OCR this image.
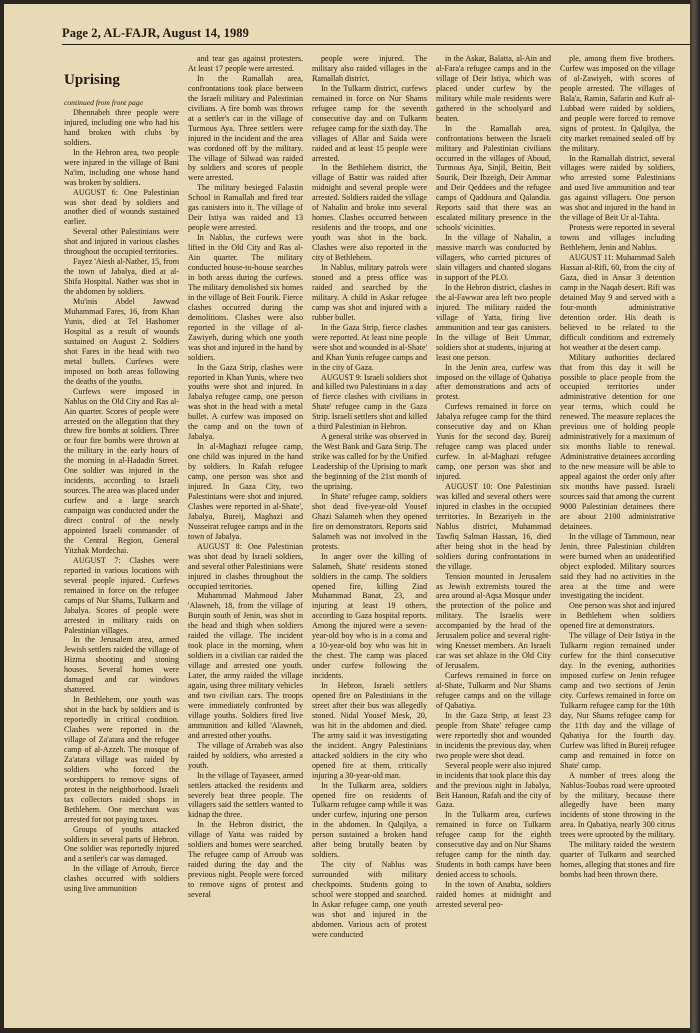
Page 2, AL-FAJR, August 14, 1989
Uprising

continued from front page

Dhennabeh three people were injured, including one who had his hand broken with clubs by soldiers.

In the Hebron area, two people were injured in the village of Bani Na'im, including one whose hand was broken by soldiers.

AUGUST 6: One Palestinian was shot dead by soldiers and another died of wounds sustained earlier.

Several other Palestinians were shot and injured in various clashes throughout the occupied territories.

Fayez 'Aiesh al-Nather, 15, from the town of Jabalya, died at al-Shifa Hospital. Nather was shot in the abdomen by soldiers.

Mu'inis Abdel Jawwad Muhammad Fares, 16, from Khan Yunis, died at Tel Hashomer Hospital as a result of wounds sustained on August 2. Soldiers shot Fares in the head with two metal bullets. Curfews were imposed on both areas following the deaths of the youths.

Curfews were imposed in Nablus on the Old City and Ras al-Ain quarter. Scores of people were arrested on the allegation that they threw fire bombs at soldiers. Three or four fire bombs were thrown at the military in the early hours of the morning in al-Hadadin Street. One soldier was injured in the incidents, according to Israeli sources. The area was placed under curfew and a large search campaign was conducted under the direct control of the newly appointed Israeli commander of the Central Region, General Yitzhak Mordechai.

AUGUST 7: Clashes were reported in various locations with several people injured. Curfews remained in force on the refugee camps of Nur Shams, Tulkarm and Jabalya. Scores of people were arrested in military raids on Palestinian villages.

In the Jerusalem area, armed Jewish settlers raided the village of Hizma shooting and stoning houses. Several homes were damaged and car windows shattered.

In Bethlehem, one youth was shot in the back by soldiers and is reportedly in critical condition. Clashes were reported in the village of Za'atara and the refugee camp of al-Azzeh. The mosque of Za'atara village was raided by soldiers who forced the worshippers to remove signs of protest in the neighborhood. Israeli tax collectors raided shops in Bethlehem. One merchant was arrested for not paying taxes.

Groups of youths attacked soldiers in several parts of Hebron. One soldier was reportedly injured and a settler's car was damaged.

In the village of Arroub, fierce clashes occurred with soldiers using live ammunition

and tear gas against protesters. At least 17 people were arrested.

In the Ramallah area, confrontations took place between the Israeli military and Palestinian civilians. A fire bomb was thrown at a settler's car in the village of Turmous Aya. Three settlers were injured in the incident and the area was cordoned off by the military. The village of Silwad was raided by soldiers and scores of people were arrested.

The military besieged Falastin School in Ramallah and fired tear gas canisters into it. The village of Deir Istiya was raided and 13 people were arrested.

In Nablus, the curfews were lifted in the Old City and Ras al-Ain quarter. The military conducted house-to-house searches in both areas during the curfews. The military demolished six homes in the village of Beit Fourik. Fierce clashes occurred during the demolitions. Clashes were also reported in the village of al-Zawiyeh, during which one youth was shot and injured in the hand by soldiers.

In the Gaza Strip, clashes were reported in Khan Yunis, where two youths were shot and injured. In Jabalya refugee camp, one person was shot in the head with a metal bullet. A curfew was imposed on the camp and on the town of Jabalya.

In al-Maghazi refugee camp, one child was injured in the hand by soldiers. In Rafah refugee camp, one person was shot and injured. In Gaza City, two Palestinians were shot and injured. Clashes were reported in al-Shate', Jabalya, Bureij, Maghazi and Nusseirat refugee camps and in the town of Jabalya.

AUGUST 8: One Palestinian was shot dead by Israeli soldiers, and several other Palestinians were injured in clashes throughout the occupied territories.

Muhammad Mahmoud Jaber 'Alawneh, 18, from the village of Burqin south of Jenin, was shot in the head and thigh when soldiers raided the village. The incident took place in the morning, when soldiers in a civilian car raided the village and arrested one youth. Later, the army raided the village again, using three military vehicles and two civilian cars. The troops were immediately confronted by village youths. Soldiers fired live ammunition and killed 'Alawneh, and arrested other youths.

The village of Arrabeh was also raided by soldiers, who arrested a youth.

In the village of Tayaseer, armed settlers attacked the residents and severely beat three people. The villagers said the settlers wanted to kidnap the three.

In the Hebron district, the village of Yatta was raided by soldiers and homes were searched. The refugee camp of Arroub was raided during the day and the previous night. People were forced to remove signs of protest and several

people were injured. The military also raided villages in the Ramallah district.

In the Tulkarm district, curfews remained in force on Nur Shams refugee camp for the seventh consecutive day and on Tulkarm refugee camp for the sixth day. The villages of Allar and Saida were raided and at least 15 people were arrested.

In the Bethlehem district, the village of Battir was raided after midnight and several people were arrested. Soldiers raided the village of Nahalin and broke into several homes. Clashes occurred between residents and the troops, and one youth was shot in the back. Clashes were also reported in the city of Bethlehem.

In Nablus, military patrols were stoned and a press office was raided and searched by the military. A child in Askar refugee camp was shot and injured with a rubber bullet.

In the Gaza Strip, fierce clashes were reported. At least nine people were shot and wounded in al-Shate' and Khan Yunis refugee camps and in the city of Gaza.

AUGUST 9: Israeli soldiers shot and killed two Palestinians in a day of fierce clashes with civilians in Shate' refugee camp in the Gaza Strip. Israeli settlers shot and killed a third Palestinian in Hebron.

A general strike was observed in the West Bank and Gaza Strip. The strike was called for by the Unified Leadership of the Uprising to mark the beginning of the 21st month of the uprising.

In Shate' refugee camp, soldiers shot dead five-year-old Yousef Ghazi Salameh when they opened fire on demonstrators. Reports said Salameh was not involved in the protests.

In anger over the killing of Salameh, Shate' residents stoned soldiers in the camp. The soldiers opened fire, killing Ziad Muhammad Banat, 23, and injuring at least 19 others, according to Gaza hospital reports. Among the injured were a seven-year-old boy who is in a coma and a 10-year-old boy who was hit in the chest. The camp was placed under curfew following the incidents.

In Hebron, Israeli settlers opened fire on Palestinians in the street after their bus was allegedly stoned. Nidal Yousef Mesk, 20, was hit in the abdomen and died. The army said it was investigating the incident. Angry Palestinians attacked soldiers in the city who opened fire at them, critically injuring a 30-year-old man.

In the Tulkarm area, soldiers opened fire on residents of Tulkarm refugee camp while it was under curfew, injuring one person in the abdomen. In Qalqilya, a person sustained a broken hand after being brutally beaten by soldiers.

The city of Nablus was surrounded with military checkpoints. Students going to school were stopped and searched. In Askar refugee camp, one youth was shot and injured in the abdomen. Various acts of protest were conducted

in the Askar, Balatta, al-Ain and al-Fara'a refugee camps and in the village of Deir Istiya, which was placed under curfew by the military while male residents were gathered in the schoolyard and beaten.

In the Ramallah area, confrontations between the Israeli military and Palestinian civilians occurred in the villages of Aboud, Turmous Aya, Sinjil, Beitin, Beit Sourik, Deir Ibzeigh, Deir Ammar and Deir Qeddees and the refugee camps of Qaddoura and Qalandia. Reports said that there was an escalated military presence in the schools' vicinities.

In the village of Nahalin, a massive march was conducted by villagers, who carried pictures of slain villagers and chanted slogans in support of the PLO.

In the Hebron district, clashes in the al-Fawwar area left two people injured. The military raided the village of Yatta, firing live ammunition and tear gas canisters. In the village of Beit Ummar, soldiers shot at students, injuring at least one person.

In the Jenin area, curfew was imposed on the village of Qabatiya after demonstrations and acts of protest.

Curfews remained in force on Jabalya refugee camp for the third consecutive day and on Khan Yunis for the second day. Bureij refugee camp was placed under curfew. In al-Maghazi refugee camp, one person was shot and injured.

AUGUST 10: One Palestinian was killed and several others were injured in clashes in the occupied territories. In Bezariyeh in the Nablus district, Muhammad Tawfiq Salman Hassan, 16, died after being shot in the head by soldiers during confrontations in the village.

Tension mounted in Jerusalem as Jewish extremists toured the area around al-Aqsa Mosque under the protection of the police and military. The Israelis were accompanied by the head of the Jerusalem police and several right-wing Knesset members. An Israeli car was set ablaze in the Old City of Jerusalem.

Curfews remained in force on al-Shate, Tulkarm and Nur Shams refugee camps and on the village of Qabatiya.

In the Gaza Strip, at least 23 people from Shate' refugee camp were reportedly shot and wounded in incidents the previous day, when two people were shot dead.

Several people were also injured in incidents that took place this day and the previous night in Jabalya, Beit Hanoun, Rafah and the city of Gaza.

In the Tulkarm area, curfews remained in force on Tulkarm refugee camp for the eighth consecutive day and on Nur Shams refugee camp for the ninth day. Students in both camps have been denied access to schools.

In the town of Anabta, soldiers raided homes at midnight and arrested several peo-

ple, among them five brothers. Curfew was imposed on the village of al-Zawiyeh, with scores of people arrested. The villages of Bala'a, Ramin, Safarin and Kufr al-Lubbad were raided by soldiers, and people were forced to remove signs of protest. In Qalqilya, the city market remained sealed off by the military.

In the Ramallah district, several villages were raided by soldiers, who arrested some Palestinians and used live ammunition and tear gas against villagers. One person was shot and injured in the hand in the village of Beit Ur al-Tahta.

Protests were reported in several towns and villages including Bethlehem, Jenin and Nablus.

AUGUST 11: Muhammad Saleh Hassan al-Rifi, 60, from the city of Gaza, died in Ansar 3 detention camp in the Naqab desert. Rifi was detained May 9 and served with a four-month administrative detention order. His death is believed to be related to the difficult conditions and extremely hot weather at the desert camp.

Military authorities declared that from this day it will be possible to place people from the occupied territories under administrative detention for one year terms, which could be renewed. The measure replaces the previous one of holding people administratively for a maximum of six months liable to renewal. Administrative detainees according to the new measure will be able to appeal against the order only after six months have passed. Israeli sources said that among the current 9000 Palestinian detainees there are about 2100 administrative detainees.

In the village of Tammoun, near Jenin, three Palestinian children were burned when an unidentified object exploded. Military sources said they had no activities in the area at the time and were investigating the incident.

One person was shot and injured in Bethlehem when soldiers opened fire at demonstrators.

The village of Deir Istiya in the Tulkarm region remained under curfew for the third consecutive day. In the evening, authorities imposed curfew on Jenin refugee camp and two sections of Jenin city. Curfews remained in force on Tulkarm refugee camp for the 10th day, Nur Shams refugee camp for the 11th day and the village of Qabatiya for the fourth day. Curfew was lifted in Bureij refugee camp and remained in force on Shate' camp.

A number of trees along the Nablus-Toubas road were uprooted by the military, because there allegedly have been many incidents of stone throwing in the area. In Qabatiya, nearly 300 citrus trees were uprooted by the military.

The military raided the western quarter of Tulkarm and searched homes, alleging that stones and fire bombs had been thrown there.
